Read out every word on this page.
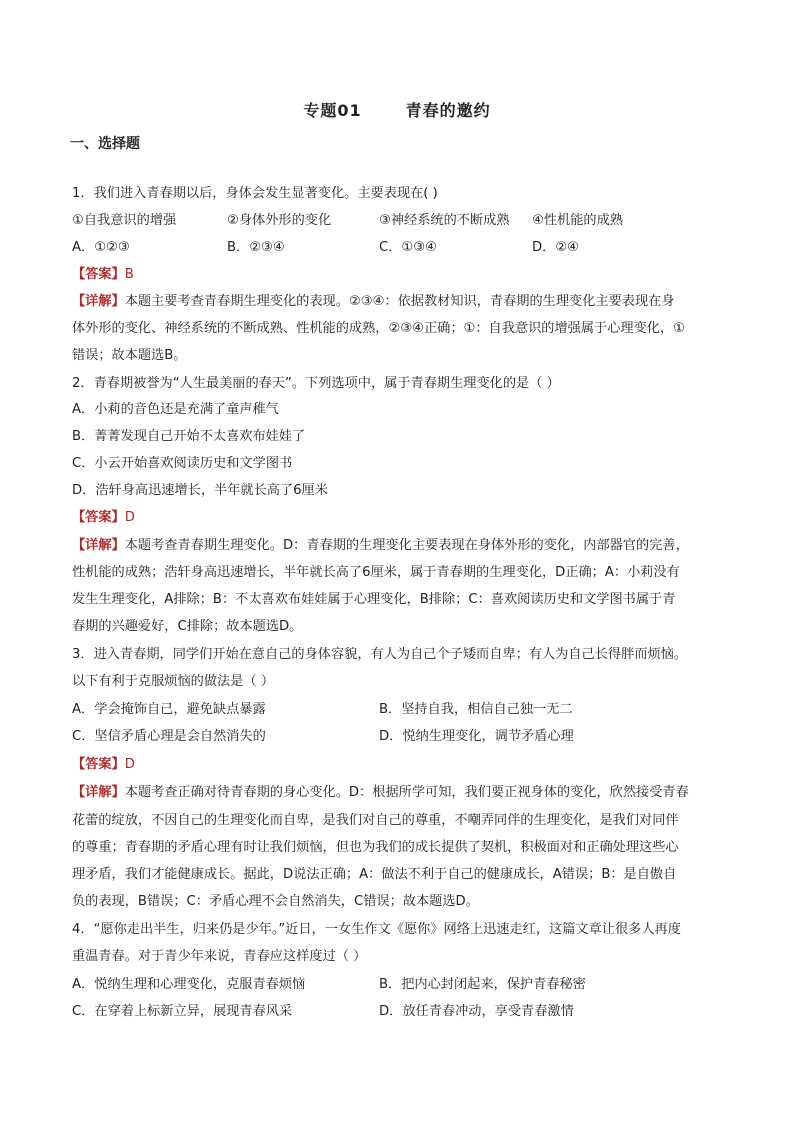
专题01	青春的邀约
一、选择题
1．我们进入青春期以后，身体会发生显著变化。主要表现在( )
①自我意识的增强	②身体外形的变化	③神经系统的不断成熟 ④性机能的成熟
A．①②③	B．②③④	C．①③④	D．②④
【答案】B
【详解】本题主要考查青春期生理变化的表现。②③④：依据教材知识，青春期的生理变化主要表现在身
体外形的变化、神经系统的不断成熟、性机能的成熟，②③④正确；①：自我意识的增强属于心理变化，①
错误；故本题选B。
2．青春期被誉为“人生最美丽的春天”。下列选项中，属于青春期生理变化的是（ ）
A．小莉的音色还是充满了童声稚气
B．菁菁发现自己开始不太喜欢布娃娃了
C．小云开始喜欢阅读历史和文学图书
D．浩轩身高迅速增长，半年就长高了6厘米
【答案】D
【详解】本题考查青春期生理变化。D：青春期的生理变化主要表现在身体外形的变化，内部器官的完善，
性机能的成熟；浩轩身高迅速增长，半年就长高了6厘米，属于青春期的生理变化，D正确；A：小莉没有
发生生理变化，A排除；B：不太喜欢布娃娃属于心理变化，B排除；C：喜欢阅读历史和文学图书属于青
春期的兴趣爱好，C排除；故本题选D。
3．进入青春期，同学们开始在意自己的身体容貌，有人为自己个子矮而自卑；有人为自己长得胖而烦恼。
以下有利于克服烦恼的做法是（ ）
A．学会掩饰自己，避免缺点暴露	B．坚持自我，相信自己独一无二
C．坚信矛盾心理是会自然消失的	D．悦纳生理变化，调节矛盾心理
【答案】D
【详解】本题考查正确对待青春期的身心变化。D：根据所学可知，我们要正视身体的变化，欣然接受青春
花蕾的绽放，不因自己的生理变化而自卑，是我们对自己的尊重，不嘲弄同伴的生理变化，是我们对同伴
的尊重；青春期的矛盾心理有时让我们烦恼，但也为我们的成长提供了契机，积极面对和正确处理这些心
理矛盾，我们才能健康成长。据此，D说法正确；A：做法不利于自己的健康成长，A错误；B：是自傲自
负的表现，B错误；C：矛盾心理不会自然消失，C错误；故本题选D。
4．“愿你走出半生，归来仍是少年。”近日，一女生作文《愿你》网络上迅速走红，这篇文章让很多人再度
重温青春。对于青少年来说，青春应这样度过（ ）
A．悦纳生理和心理变化，克服青春烦恼	B．把内心封闭起来，保护青春秘密
C．在穿着上标新立异，展现青春风采	D．放任青春冲动，享受青春激情
